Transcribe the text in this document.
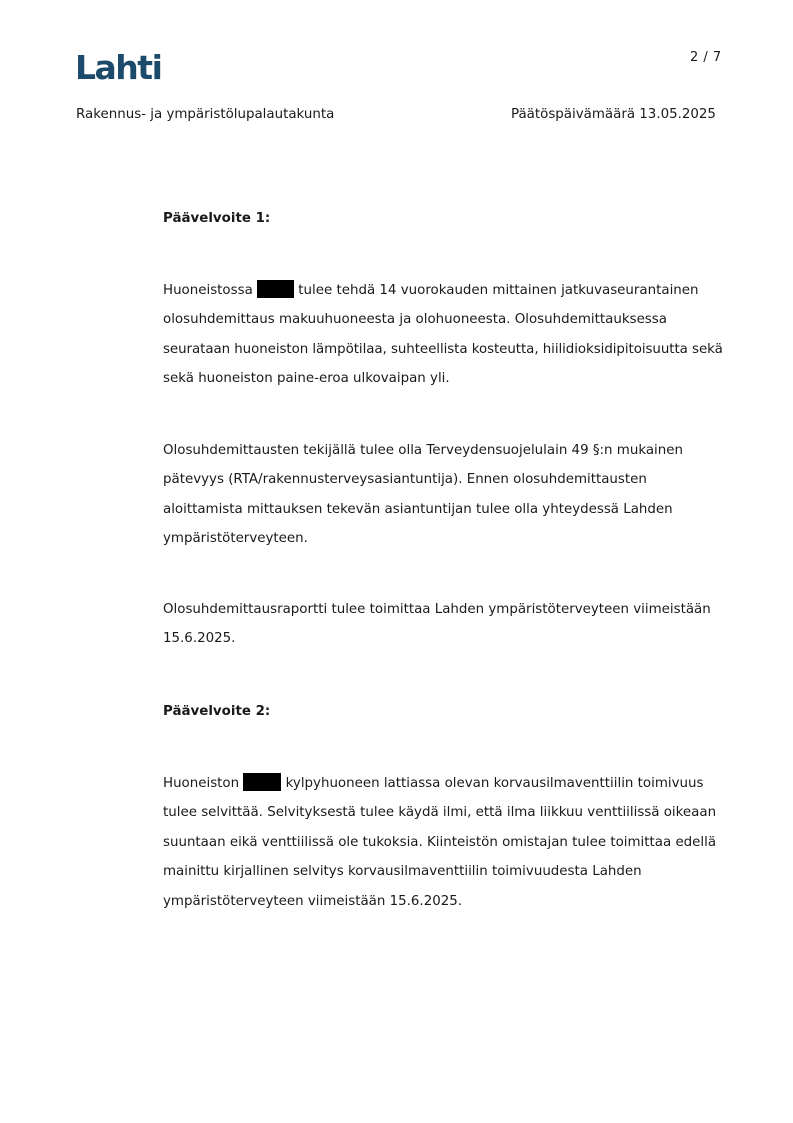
Lahti	2 / 7
Rakennus- ja ympäristölupalautakunta	Päätöspäivämäärä 13.05.2025
Päävelvoite 1:
Huoneistossa	tulee tehdä 14 vuorokauden mittainen jatkuvaseurantainen
olosuhdemittaus makuuhuoneesta ja olohuoneesta. Olosuhdemittauksessa
seurataan huoneiston lämpötilaa, suhteellista kosteutta, hiilidioksidipitoisuutta sekä
sekä huoneiston paine-eroa ulkovaipan yli.
Olosuhdemittausten tekijällä tulee olla Terveydensuojelulain 49 §:n mukainen
pätevyys (RTA/rakennusterveysasiantuntija). Ennen olosuhdemittausten
aloittamista mittauksen tekevän asiantuntijan tulee olla yhteydessä Lahden
ympäristöterveyteen.
Olosuhdemittausraportti tulee toimittaa Lahden ympäristöterveyteen viimeistään
15.6.2025.
Päävelvoite 2:
Huoneiston	kylpyhuoneen lattiassa olevan korvausilmaventtiilin toimivuus
tulee selvittää. Selvityksestä tulee käydä ilmi, että ilma liikkuu venttiilissä oikeaan
suuntaan eikä venttiilissä ole tukoksia. Kiinteistön omistajan tulee toimittaa edellä
mainittu kirjallinen selvitys korvausilmaventtiilin toimivuudesta Lahden
ympäristöterveyteen viimeistään 15.6.2025.
